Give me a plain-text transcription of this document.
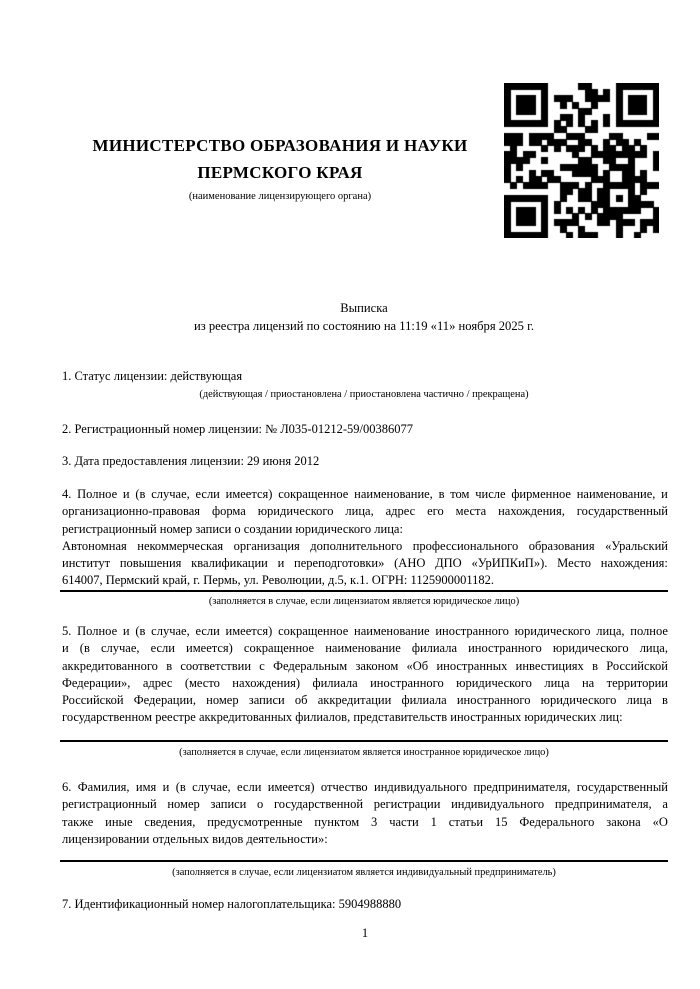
МИНИСТЕРСТВО ОБРАЗОВАНИЯ И НАУКИ
ПЕРМСКОГО КРАЯ
(наименование лицензирующего органа)
Выписка
из реестра лицензий по состоянию на 11:19 «11» ноября 2025 г.
1. Статус лицензии: действующая
(действующая / приостановлена / приостановлена частично / прекращена)
2. Регистрационный номер лицензии: № Л035-01212-59/00386077
3. Дата предоставления лицензии: 29 июня 2012
4. Полное и (в случае, если имеется) сокращенное наименование, в том числе фирменное наименование, и
организационно-правовая форма юридического лица, адрес его места нахождения, государственный
регистрационный номер записи о создании юридического лица:
Автономная некоммерческая организация дополнительного профессионального образования «Уральский
институт повышения квалификации и переподготовки» (АНО ДПО «УрИПКиП»). Место нахождения:
614007, Пермский край, г. Пермь, ул. Революции, д.5, к.1. ОГРН: 1125900001182.
(заполняется в случае, если лицензиатом является юридическое лицо)
5. Полное и (в случае, если имеется) сокращенное наименование иностранного юридического лица, полное
и (в случае, если имеется) сокращенное наименование филиала иностранного юридического лица,
аккредитованного в соответствии с Федеральным законом «Об иностранных инвестициях в Российской
Федерации», адрес (место нахождения) филиала иностранного юридического лица на территории
Российской Федерации, номер записи об аккредитации филиала иностранного юридического лица в
государственном реестре аккредитованных филиалов, представительств иностранных юридических лиц:
(заполняется в случае, если лицензиатом является иностранное юридическое лицо)
6. Фамилия, имя и (в случае, если имеется) отчество индивидуального предпринимателя, государственный
регистрационный номер записи о государственной регистрации индивидуального предпринимателя, а
также иные сведения, предусмотренные пунктом 3 части 1 статьи 15 Федерального закона «О
лицензировании отдельных видов деятельности»:
(заполняется в случае, если лицензиатом является индивидуальный предприниматель)
7. Идентификационный номер налогоплательщика: 5904988880
1
